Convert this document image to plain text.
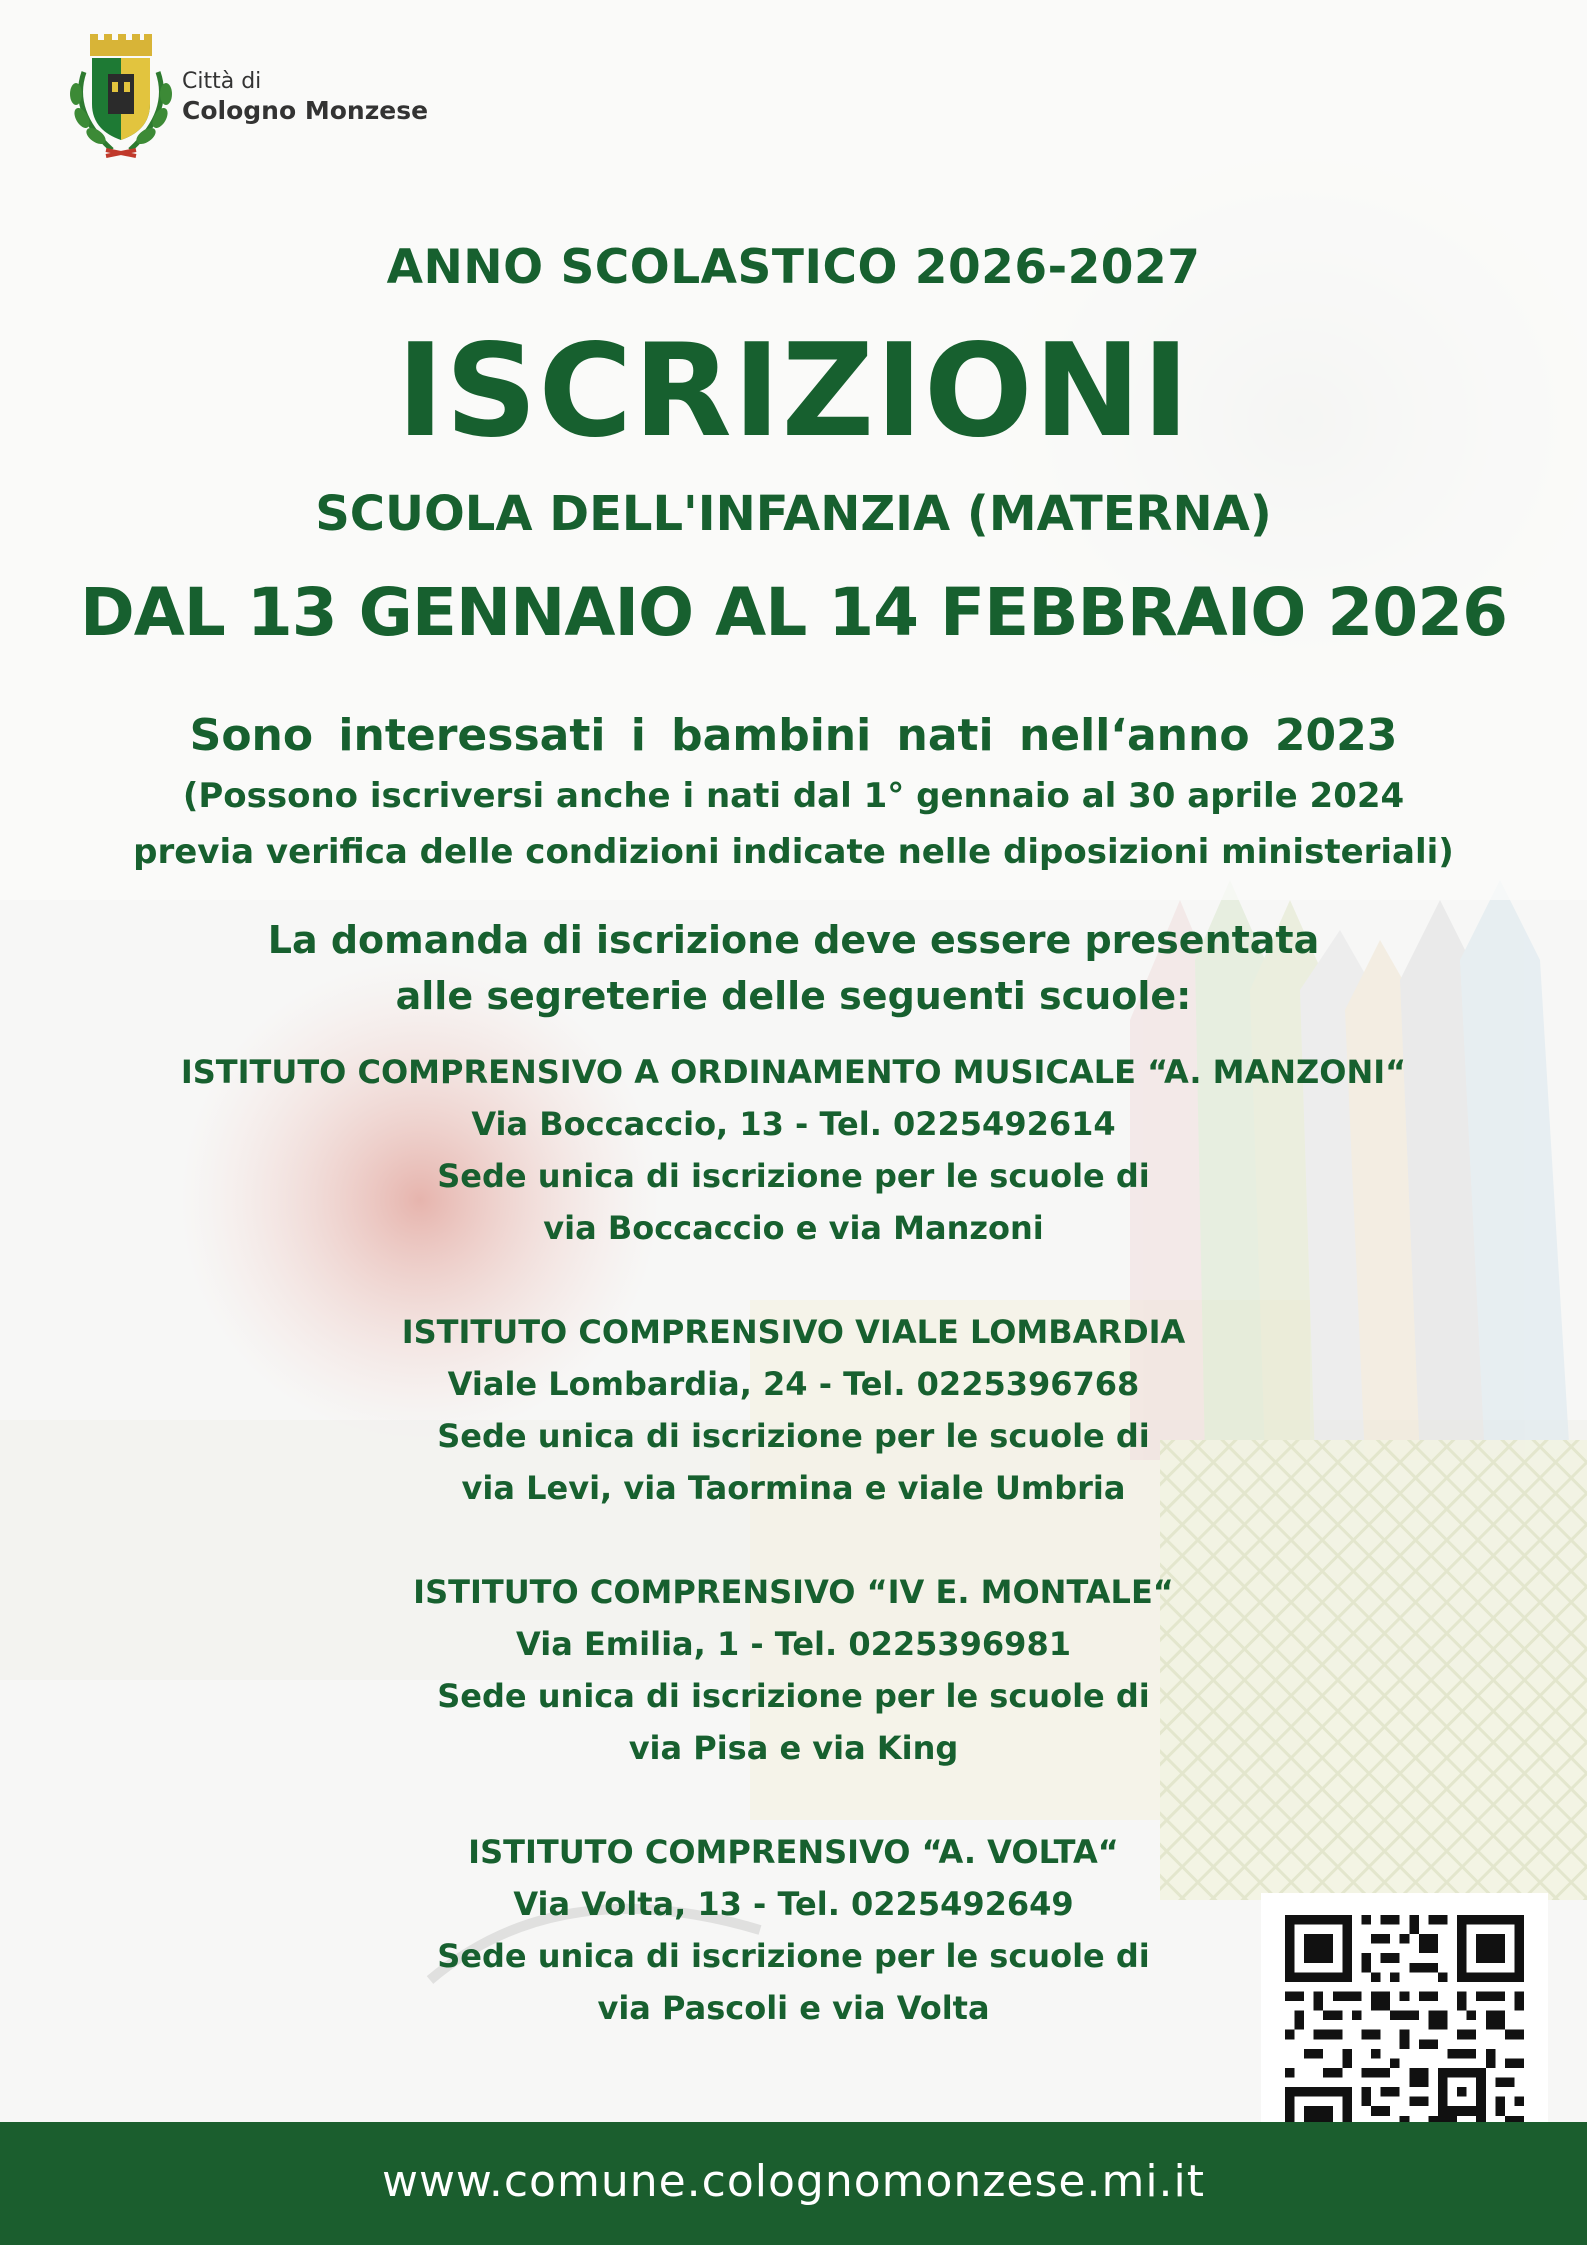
Città di
Cologno Monzese
ANNO SCOLASTICO 2026-2027
ISCRIZIONI
SCUOLA DELL'INFANZIA (MATERNA)
DAL 13 GENNAIO AL 14 FEBBRAIO 2026
Sono interessati i bambini nati nell‘anno 2023
(Possono iscriversi anche i nati dal 1° gennaio al 30 aprile 2024
previa verifica delle condizioni indicate nelle diposizioni ministeriali)
La domanda di iscrizione deve essere presentata
alle segreterie delle seguenti scuole:
ISTITUTO COMPRENSIVO A ORDINAMENTO MUSICALE “A. MANZONI“
Via Boccaccio, 13 - Tel. 0225492614
Sede unica di iscrizione per le scuole di
via Boccaccio e via Manzoni
ISTITUTO COMPRENSIVO VIALE LOMBARDIA
Viale Lombardia, 24 - Tel. 0225396768
Sede unica di iscrizione per le scuole di
via Levi, via Taormina e viale Umbria
ISTITUTO COMPRENSIVO “IV E. MONTALE“
Via Emilia, 1 - Tel. 0225396981
Sede unica di iscrizione per le scuole di
via Pisa e via King
ISTITUTO COMPRENSIVO “A. VOLTA“
Via Volta, 13 - Tel. 0225492649
Sede unica di iscrizione per le scuole di
via Pascoli e via Volta
www.comune.colognomonzese.mi.it
